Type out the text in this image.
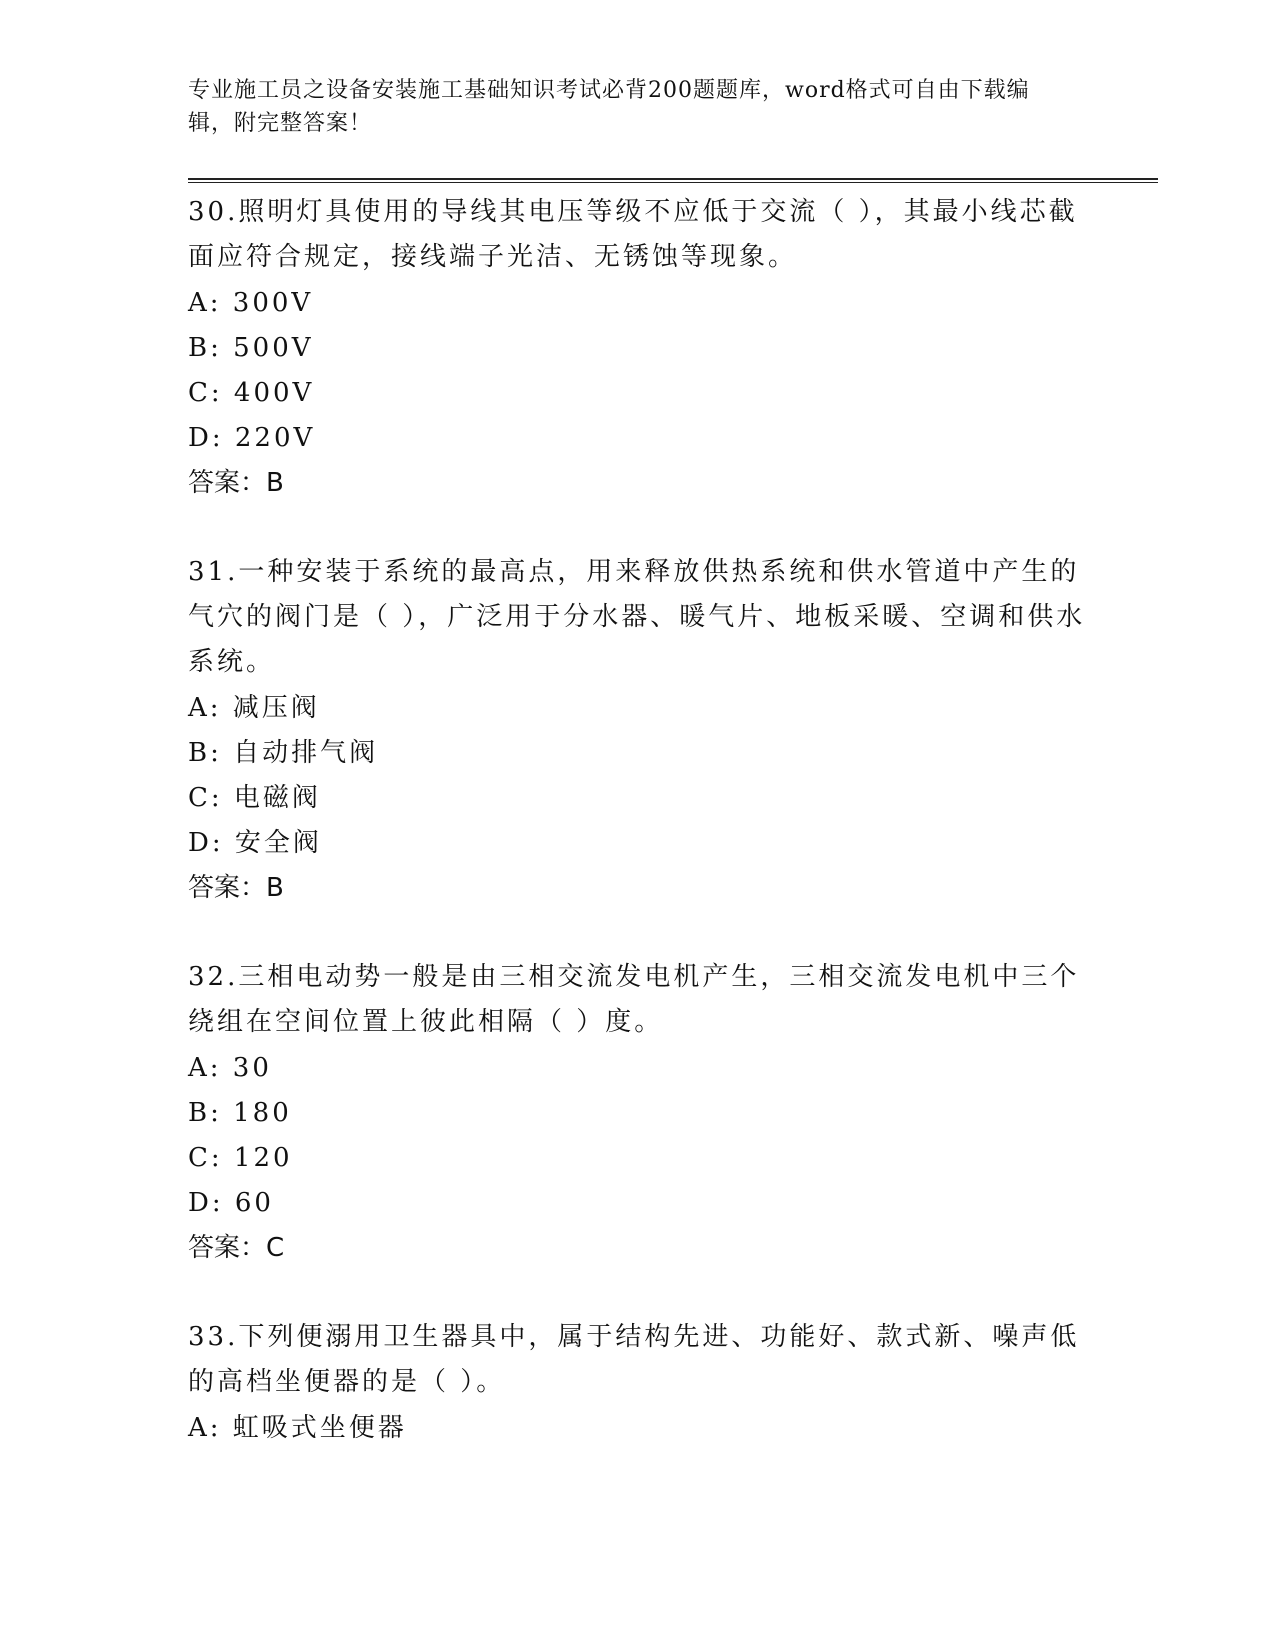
专业施工员之设备安装施工基础知识考试必背200题题库，word格式可自由下载编辑，附完整答案！
30.照明灯具使用的导线其电压等级不应低于交流（ ），其最小线芯截面应符合规定，接线端子光洁、无锈蚀等现象。
A: 300V
B: 500V
C: 400V
D: 220V
答案：B
31.一种安装于系统的最高点，用来释放供热系统和供水管道中产生的气穴的阀门是（ ），广泛用于分水器、暖气片、地板采暖、空调和供水系统。
A: 减压阀
B: 自动排气阀
C: 电磁阀
D: 安全阀
答案：B
32.三相电动势一般是由三相交流发电机产生，三相交流发电机中三个绕组在空间位置上彼此相隔（ ）度。
A: 30
B: 180
C: 120
D: 60
答案：C
33.下列便溺用卫生器具中，属于结构先进、功能好、款式新、噪声低的高档坐便器的是（ ）。
A: 虹吸式坐便器
